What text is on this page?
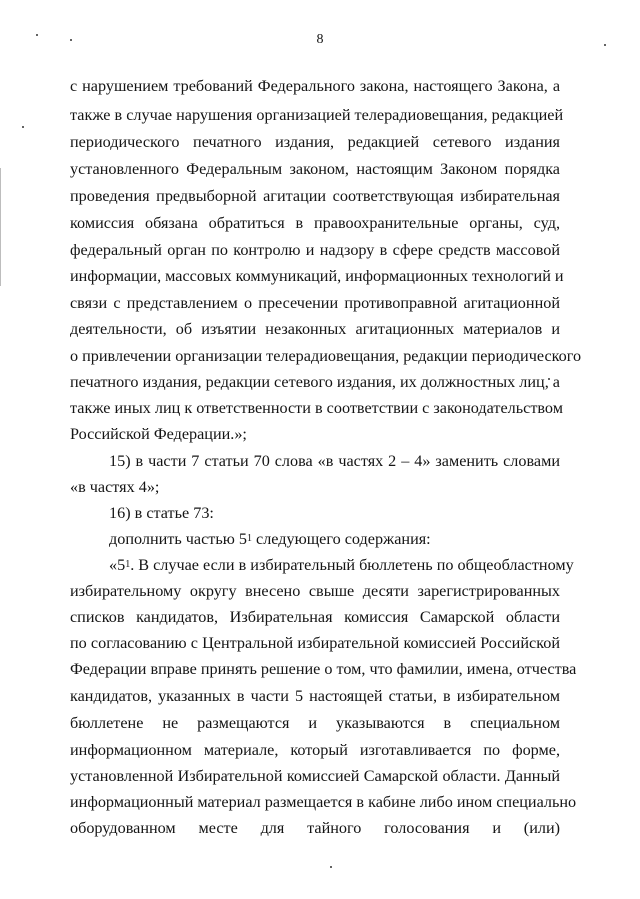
8
с нарушением требований Федерального закона, настоящего Закона, а
также в случае нарушения организацией телерадиовещания, редакцией
периодического печатного издания, редакцией сетевого издания
установленного Федеральным законом, настоящим Законом порядка
проведения предвыборной агитации соответствующая избирательная
комиссия обязана обратиться в правоохранительные органы, суд,
федеральный орган по контролю и надзору в сфере средств массовой
информации, массовых коммуникаций, информационных технологий и
связи с представлением о пресечении противоправной агитационной
деятельности, об изъятии незаконных агитационных материалов и
о привлечении организации телерадиовещания, редакции периодического
печатного издания, редакции сетевого издания, их должностных лиц, а
также иных лиц к ответственности в соответствии с законодательством
Российской Федерации.»;
15) в части 7 статьи 70 слова «в частях 2 – 4» заменить словами
«в частях 4»;
16) в статье 73:
дополнить частью $5^1$ следующего содержания:
«$5^1$. В случае если в избирательный бюллетень по общеобластному
избирательному округу внесено свыше десяти зарегистрированных
списков кандидатов, Избирательная комиссия Самарской области
по согласованию с Центральной избирательной комиссией Российской
Федерации вправе принять решение о том, что фамилии, имена, отчества
кандидатов, указанных в части 5 настоящей статьи, в избирательном
бюллетене не размещаются и указываются в специальном
информационном материале, который изготавливается по форме,
установленной Избирательной комиссией Самарской области. Данный
информационный материал размещается в кабине либо ином специально
оборудованном месте для тайного голосования и (или)
